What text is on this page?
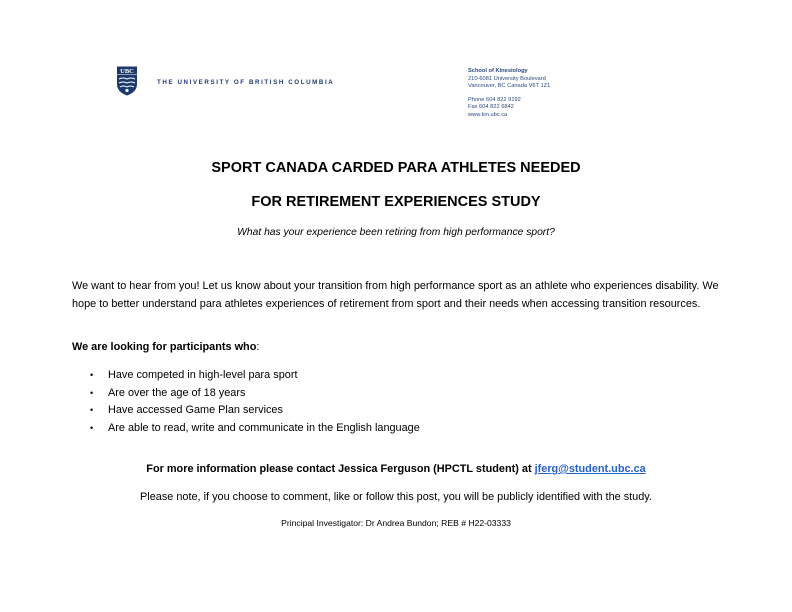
UBC
THE UNIVERSITY OF BRITISH COLUMBIA
School of Kinesiology
210-6081 University Boulevard
Vancouver, BC Canada V6T 1Z1
Phone 604 822 9192
Fax 604 822 6842
www.kin.ubc.ca
SPORT CANADA CARDED PARA ATHLETES NEEDED
FOR RETIREMENT EXPERIENCES STUDY
What has your experience been retiring from high performance sport?
We want to hear from you! Let us know about your transition from high performance sport as an athlete who experiences disability. We hope to better understand para athletes experiences of retirement from sport and their needs when accessing transition resources.
We are looking for participants who:
• Have competed in high-level para sport
• Are over the age of 18 years
• Have accessed Game Plan services
• Are able to read, write and communicate in the English language
For more information please contact Jessica Ferguson (HPCTL student) at jferg@student.ubc.ca
Please note, if you choose to comment, like or follow this post, you will be publicly identified with the study.
Principal Investigator: Dr Andrea Bundon; REB # H22-03333
